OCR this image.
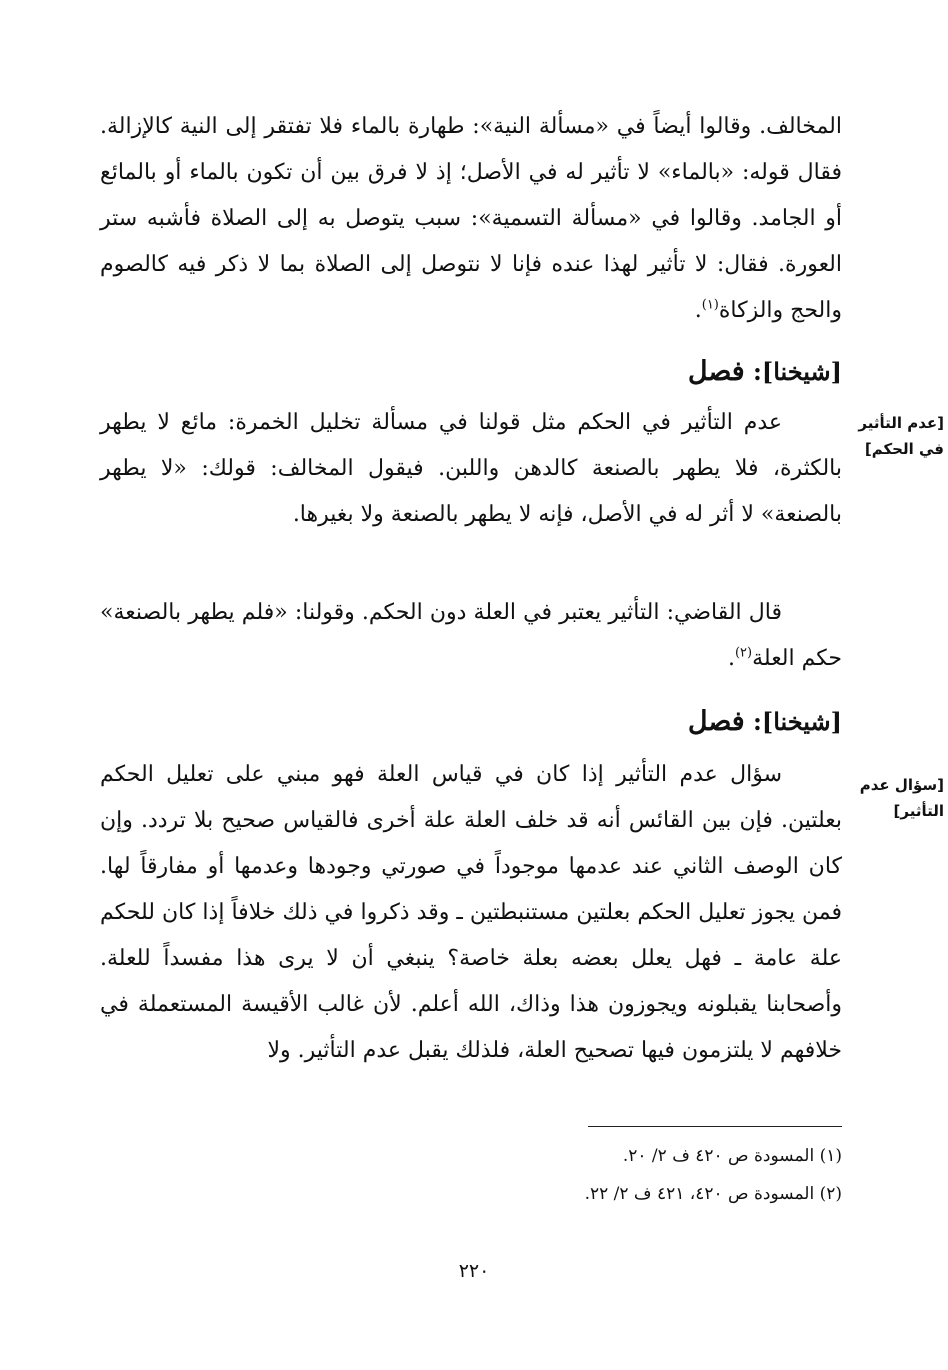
المخالف. وقالوا أيضاً في «مسألة النية»: طهارة بالماء فلا تفتقر إلى النية كالإزالة. فقال قوله: «بالماء» لا تأثير له في الأصل؛ إذ لا فرق بين أن تكون بالماء أو بالمائع أو الجامد. وقالوا في «مسألة التسمية»: سبب يتوصل به إلى الصلاة فأشبه ستر العورة. فقال: لا تأثير لهذا عنده فإنا لا نتوصل إلى الصلاة بما لا ذكر فيه كالصوم والحج والزكاة$^{(١)}$.

[شيخنا]: فصل
[عدم التأثير في الحكم]

عدم التأثير في الحكم مثل قولنا في مسألة تخليل الخمرة: مائع لا يطهر بالكثرة، فلا يطهر بالصنعة كالدهن واللبن. فيقول المخالف: قولك: «لا يطهر بالصنعة» لا أثر له في الأصل، فإنه لا يطهر بالصنعة ولا بغيرها.

قال القاضي: التأثير يعتبر في العلة دون الحكم. وقولنا: «فلم يطهر بالصنعة» حكم العلة$^{(٢)}$.

[شيخنا]: فصل
[سؤال عدم التأثير]

سؤال عدم التأثير إذا كان في قياس العلة فهو مبني على تعليل الحكم بعلتين. فإن بين القائس أنه قد خلف العلة علة أخرى فالقياس صحيح بلا تردد. وإن كان الوصف الثاني عند عدمها موجوداً في صورتي وجودها وعدمها أو مفارقاً لها. فمن يجوز تعليل الحكم بعلتين مستنبطتين ـ وقد ذكروا في ذلك خلافاً إذا كان للحكم علة عامة ـ فهل يعلل بعضه بعلة خاصة؟ ينبغي أن لا يرى هذا مفسداً للعلة. وأصحابنا يقبلونه ويجوزون هذا وذاك، الله أعلم. لأن غالب الأقيسة المستعملة في خلافهم لا يلتزمون فيها تصحيح العلة، فلذلك يقبل عدم التأثير. ولا

(١) المسودة ص ٤٢٠ ف ٢/ ٢٠.
(٢) المسودة ص ٤٢٠، ٤٢١ ف ٢/ ٢٢.
٢٢٠
